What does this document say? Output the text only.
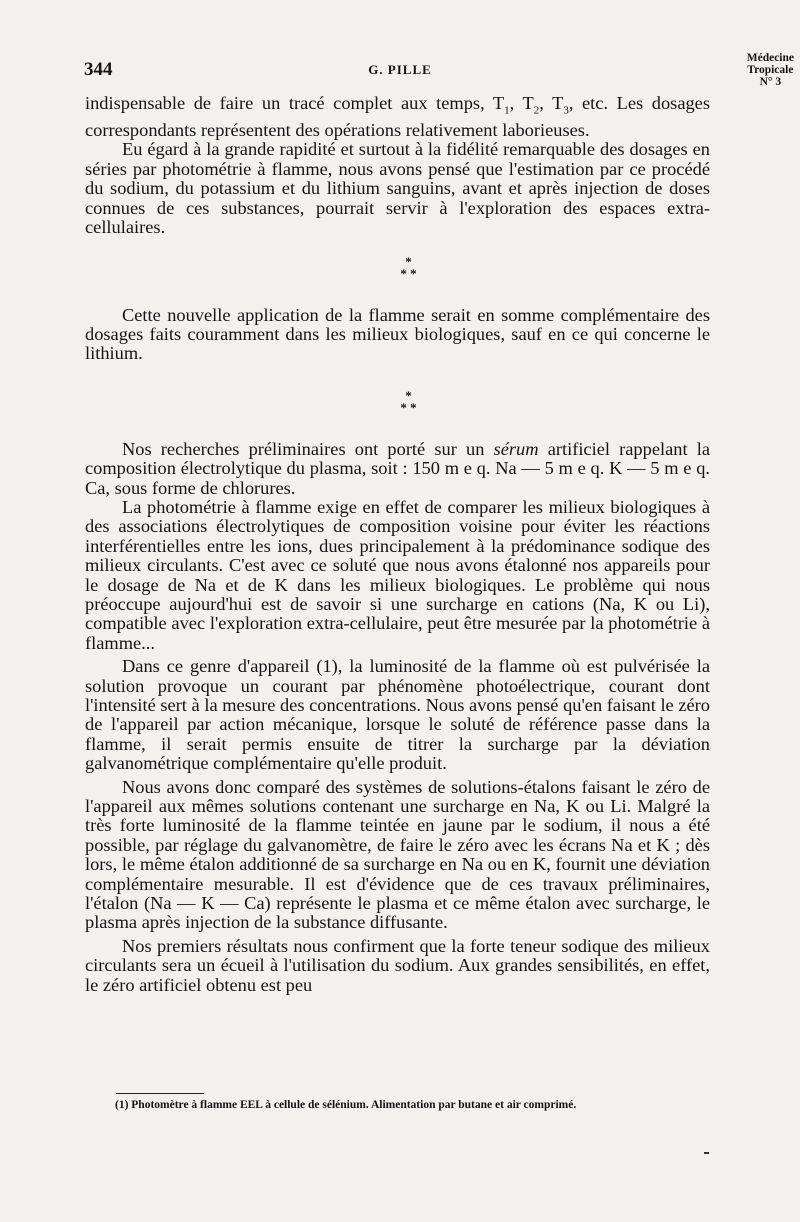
344	G. PILLE
Médecine
Tropicale
N° 3

indispensable de faire un tracé complet aux temps, $T_1$, $T_2$, $T_3$, etc. Les dosages correspondants représentent des opérations relativement laborieuses.

Eu égard à la grande rapidité et surtout à la fidélité remarquable des dosages en séries par photométrie à flamme, nous avons pensé que l'estimation par ce procédé du sodium, du potassium et du lithium sanguins, avant et après injection de doses connues de ces substances, pourrait servir à l'exploration des espaces extra-cellulaires.

*
* *

Cette nouvelle application de la flamme serait en somme complémentaire des dosages faits couramment dans les milieux biologiques, sauf en ce qui concerne le lithium.

*
* *

Nos recherches préliminaires ont porté sur un sérum artificiel rappelant la composition électrolytique du plasma, soit : 150 m e q. Na — 5 m e q. K — 5 m e q. Ca, sous forme de chlorures.

La photométrie à flamme exige en effet de comparer les milieux biologiques à des associations électrolytiques de composition voisine pour éviter les réactions interférentielles entre les ions, dues principalement à la prédominance sodique des milieux circulants. C'est avec ce soluté que nous avons étalonné nos appareils pour le dosage de Na et de K dans les milieux biologiques. Le problème qui nous préoccupe aujourd'hui est de savoir si une surcharge en cations (Na, K ou Li), compatible avec l'exploration extra-cellulaire, peut être mesurée par la photométrie à flamme...

Dans ce genre d'appareil (1), la luminosité de la flamme où est pulvérisée la solution provoque un courant par phénomène photoélectrique, courant dont l'intensité sert à la mesure des concentrations. Nous avons pensé qu'en faisant le zéro de l'appareil par action mécanique, lorsque le soluté de référence passe dans la flamme, il serait permis ensuite de titrer la surcharge par la déviation galvanométrique complémentaire qu'elle produit.

Nous avons donc comparé des systèmes de solutions-étalons faisant le zéro de l'appareil aux mêmes solutions contenant une surcharge en Na, K ou Li. Malgré la très forte luminosité de la flamme teintée en jaune par le sodium, il nous a été possible, par réglage du galvanomètre, de faire le zéro avec les écrans Na et K ; dès lors, le même étalon additionné de sa surcharge en Na ou en K, fournit une déviation complémentaire mesurable. Il est d'évidence que de ces travaux préliminaires, l'étalon (Na — K — Ca) représente le plasma et ce même étalon avec surcharge, le plasma après injection de la substance diffusante.

Nos premiers résultats nous confirment que la forte teneur sodique des milieux circulants sera un écueil à l'utilisation du sodium. Aux grandes sensibilités, en effet, le zéro artificiel obtenu est peu

(1) Photomètre à flamme EEL à cellule de sélénium. Alimentation par butane et air comprimé.
